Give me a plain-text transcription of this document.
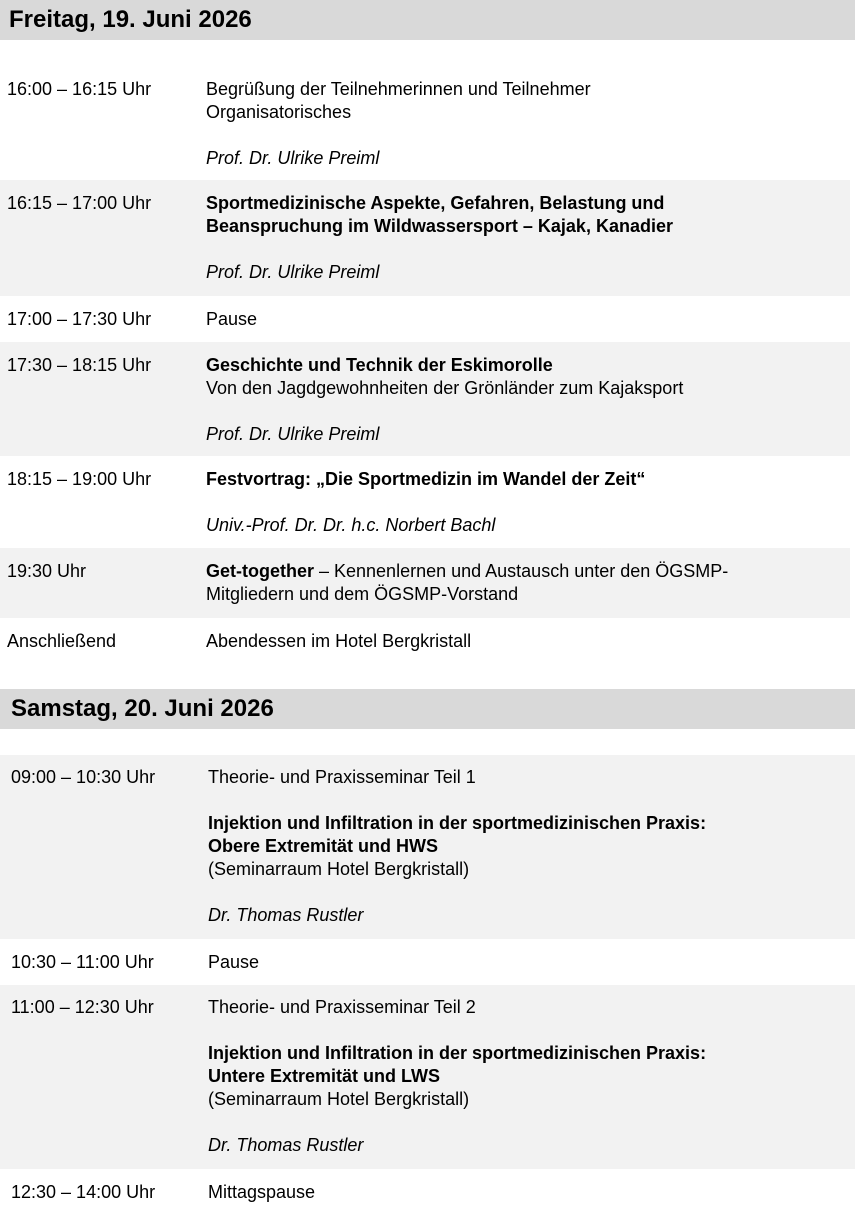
Freitag, 19. Juni 2026
16:00 – 16:15 Uhr	Begrüßung der Teilnehmerinnen und Teilnehmer
Organisatorisches
Prof. Dr. Ulrike Preiml
16:15 – 17:00 Uhr	Sportmedizinische Aspekte, Gefahren, Belastung und
Beanspruchung im Wildwassersport – Kajak, Kanadier
Prof. Dr. Ulrike Preiml
17:00 – 17:30 Uhr	Pause
17:30 – 18:15 Uhr	Geschichte und Technik der Eskimorolle
Von den Jagdgewohnheiten der Grönländer zum Kajaksport
Prof. Dr. Ulrike Preiml
18:15 – 19:00 Uhr	Festvortrag: „Die Sportmedizin im Wandel der Zeit“
Univ.-Prof. Dr. Dr. h.c. Norbert Bachl
19:30 Uhr	Get-together – Kennenlernen und Austausch unter den ÖGSMP-
Mitgliedern und dem ÖGSMP-Vorstand
Anschließend	Abendessen im Hotel Bergkristall
Samstag, 20. Juni 2026
09:00 – 10:30 Uhr	Theorie- und Praxisseminar Teil 1
Injektion und Infiltration in der sportmedizinischen Praxis:
Obere Extremität und HWS
(Seminarraum Hotel Bergkristall)
Dr. Thomas Rustler
10:30 – 11:00 Uhr	Pause
11:00 – 12:30 Uhr	Theorie- und Praxisseminar Teil 2
Injektion und Infiltration in der sportmedizinischen Praxis:
Untere Extremität und LWS
(Seminarraum Hotel Bergkristall)
Dr. Thomas Rustler
12:30 – 14:00 Uhr	Mittagspause
